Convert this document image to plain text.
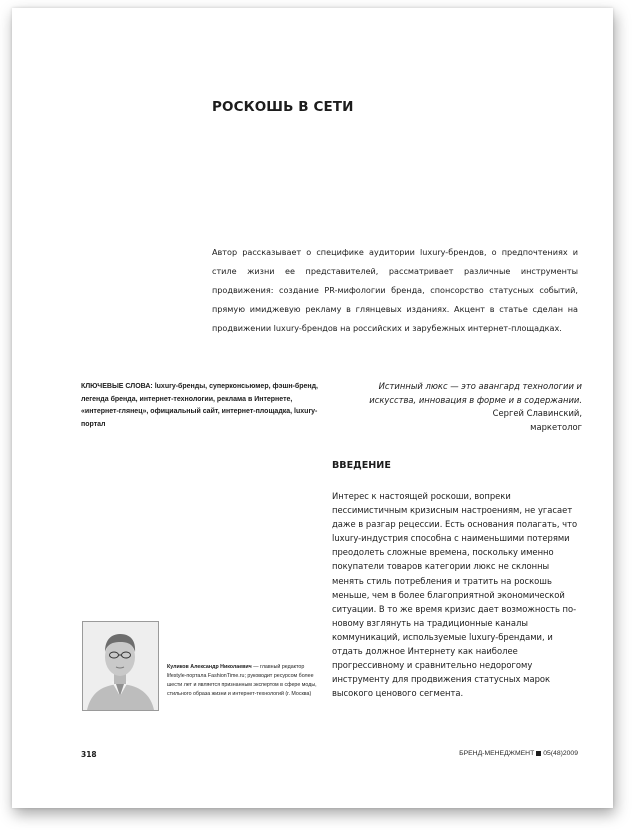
РОСКОШЬ В СЕТИ

Автор рассказывает о специфике аудитории luxury-брендов, о предпочтениях и стиле жизни ее представителей, рассматривает различные инструменты продвижения: создание PR-мифологии бренда, спонсорство статусных событий, прямую имиджевую рекламу в глянцевых изданиях. Акцент в статье сделан на продвижении luxury-брендов на российских и зарубежных интернет-площадках.

КЛЮЧЕВЫЕ СЛОВА: luxury-бренды, суперконсьюмер, фэшн-бренд, легенда бренда, интернет-технологии, реклама в Интернете, «интернет-глянец», официальный сайт, интернет-площадка, luxury-портал

Истинный люкс — это авангард технологии и искусства, инновация в форме и в содержании.
Сергей Славинский,
маркетолог
ВВЕДЕНИЕ

Интерес к настоящей роскоши, вопреки пессимистичным кризисным настроениям, не угасает даже в разгар рецессии. Есть основания полагать, что luxury-индустрия способна с наименьшими потерями преодолеть сложные времена, поскольку именно покупатели товаров категории люкс не склонны менять стиль потребления и тратить на роскошь меньше, чем в более благоприятной экономической ситуации. В то же время кризис дает возможность по-новому взглянуть на традиционные каналы коммуникаций, используемые luxury-брендами, и отдать должное Интернету как наиболее прогрессивному и сравнительно недорогому инструменту для продвижения статусных марок высокого ценового сегмента.

Куликов Александр Николаевич — главный редактор lifestyle-портала FashionTime.ru; руководит ресурсом более шести лет и является признанным экспертом в сфере моды, стильного образа жизни и интернет-технологий (г. Москва)

318	БРЕНД-МЕНЕДЖМЕНТ 05(48)2009
